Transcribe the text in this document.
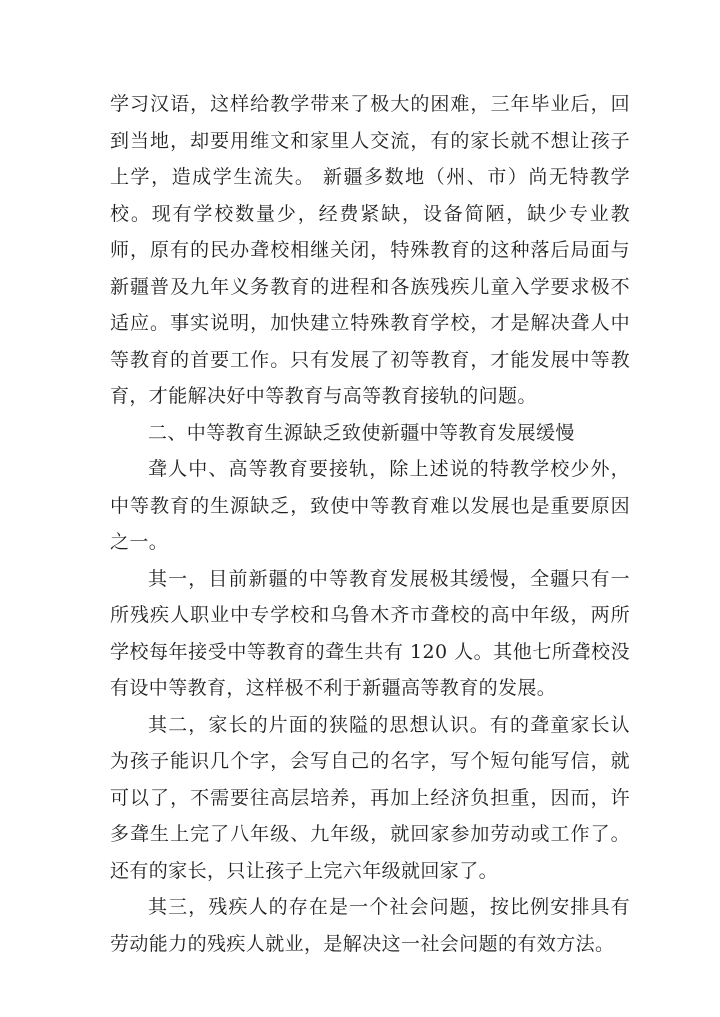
学习汉语，这样给教学带来了极大的困难，三年毕业后，回到当地，却要用维文和家里人交流，有的家长就不想让孩子上学，造成学生流失。 新疆多数地（州、市）尚无特教学校。现有学校数量少，经费紧缺，设备简陋，缺少专业教师，原有的民办聋校相继关闭，特殊教育的这种落后局面与新疆普及九年义务教育的进程和各族残疾儿童入学要求极不适应。事实说明，加快建立特殊教育学校，才是解决聋人中等教育的首要工作。只有发展了初等教育，才能发展中等教育，才能解决好中等教育与高等教育接轨的问题。

二、中等教育生源缺乏致使新疆中等教育发展缓慢

聋人中、高等教育要接轨，除上述说的特教学校少外，中等教育的生源缺乏，致使中等教育难以发展也是重要原因之一。

其一，目前新疆的中等教育发展极其缓慢，全疆只有一所残疾人职业中专学校和乌鲁木齐市聋校的高中年级，两所学校每年接受中等教育的聋生共有 120 人。其他七所聋校没有设中等教育，这样极不利于新疆高等教育的发展。

其二，家长的片面的狭隘的思想认识。有的聋童家长认为孩子能识几个字，会写自己的名字，写个短句能写信，就可以了，不需要往高层培养，再加上经济负担重，因而，许多聋生上完了八年级、九年级，就回家参加劳动或工作了。还有的家长，只让孩子上完六年级就回家了。

其三，残疾人的存在是一个社会问题，按比例安排具有劳动能力的残疾人就业，是解决这一社会问题的有效方法。
